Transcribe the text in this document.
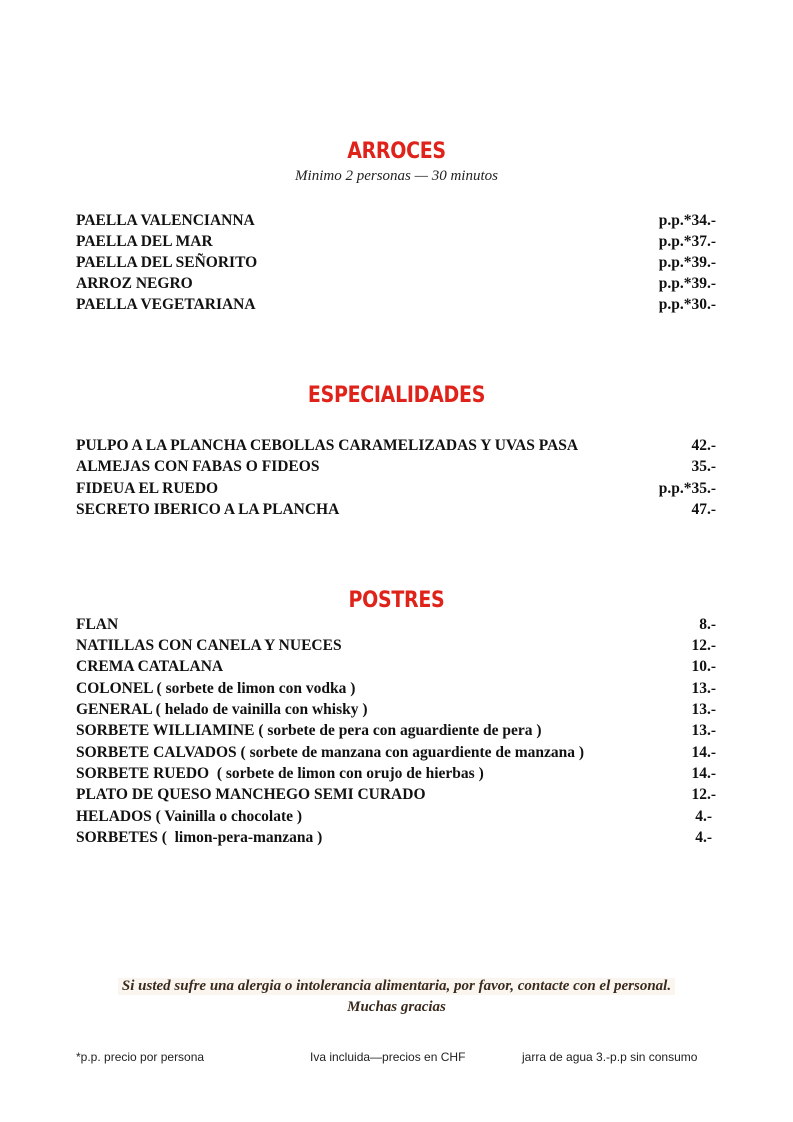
ARROCES
Minimo 2 personas — 30 minutos
PAELLA VALENCIANNA	p.p.*34.-
PAELLA DEL MAR	p.p.*37.-
PAELLA DEL SEÑORITO	p.p.*39.-
ARROZ NEGRO	p.p.*39.-
PAELLA VEGETARIANA	p.p.*30.-
ESPECIALIDADES
PULPO A LA PLANCHA CEBOLLAS CARAMELIZADAS Y UVAS PASA	42.-
ALMEJAS CON FABAS O FIDEOS	35.-
FIDEUA EL RUEDO	p.p.*35.-
SECRETO IBERICO A LA PLANCHA	47.-
POSTRES
FLAN	8.-
NATILLAS CON CANELA Y NUECES	12.-
CREMA CATALANA	10.-
COLONEL ( sorbete de limon con vodka )	13.-
GENERAL ( helado de vainilla con whisky )	13.-
SORBETE WILLIAMINE ( sorbete de pera con aguardiente de pera )	13.-
SORBETE CALVADOS ( sorbete de manzana con aguardiente de manzana )	14.-
SORBETE RUEDO  ( sorbete de limon con orujo de hierbas )	14.-
PLATO DE QUESO MANCHEGO SEMI CURADO	12.-
HELADOS ( Vainilla o chocolate )	4.-
SORBETES (  limon-pera-manzana )	4.-
Si usted sufre una alergia o intolerancia alimentaria, por favor, contacte con el personal.
Muchas gracias
*p.p. precio por persona	Iva incluida—precios en CHF	jarra de agua 3.-p.p sin consumo
